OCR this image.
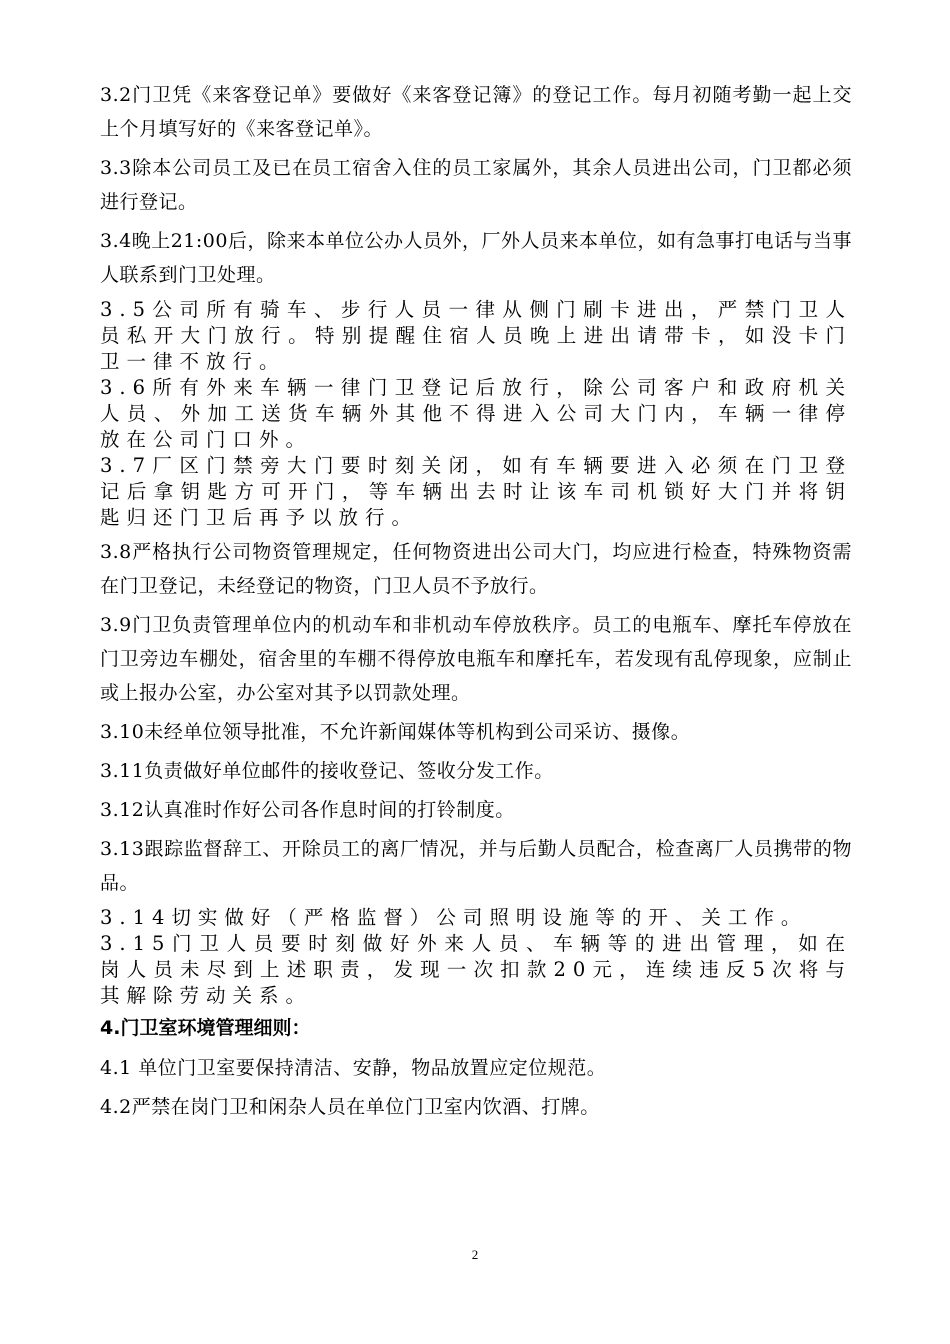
3.2门卫凭《来客登记单》要做好《来客登记簿》的登记工作。每月初随考勤一起上交上个月填写好的《来客登记单》。

3.3除本公司员工及已在员工宿舍入住的员工家属外，其余人员进出公司，门卫都必须进行登记。

3.4晚上21:00后，除来本单位公办人员外，厂外人员来本单位，如有急事打电话与当事人联系到门卫处理。

3.5公司所有骑车、步行人员一律从侧门刷卡进出，严禁门卫人员私开大门放行。特别提醒住宿人员晚上进出请带卡，如没卡门卫一律不放行。

3.6所有外来车辆一律门卫登记后放行，除公司客户和政府机关人员、外加工送货车辆外其他不得进入公司大门内，车辆一律停放在公司门口外。

3.7厂区门禁旁大门要时刻关闭，如有车辆要进入必须在门卫登记后拿钥匙方可开门，等车辆出去时让该车司机锁好大门并将钥匙归还门卫后再予以放行。

3.8严格执行公司物资管理规定，任何物资进出公司大门，均应进行检查，特殊物资需在门卫登记，未经登记的物资，门卫人员不予放行。

3.9门卫负责管理单位内的机动车和非机动车停放秩序。员工的电瓶车、摩托车停放在门卫旁边车棚处，宿舍里的车棚不得停放电瓶车和摩托车，若发现有乱停现象，应制止或上报办公室，办公室对其予以罚款处理。

3.10未经单位领导批准，不允许新闻媒体等机构到公司采访、摄像。

3.11负责做好单位邮件的接收登记、签收分发工作。

3.12认真准时作好公司各作息时间的打铃制度。

3.13跟踪监督辞工、开除员工的离厂情况，并与后勤人员配合，检查离厂人员携带的物品。

3.14切实做好（严格监督）公司照明设施等的开、关工作。

3.15门卫人员要时刻做好外来人员、车辆等的进出管理，如在岗人员未尽到上述职责，发现一次扣款20元，连续违反5次将与其解除劳动关系。

4.门卫室环境管理细则：

4.1 单位门卫室要保持清洁、安静，物品放置应定位规范。

4.2严禁在岗门卫和闲杂人员在单位门卫室内饮酒、打牌。

2
